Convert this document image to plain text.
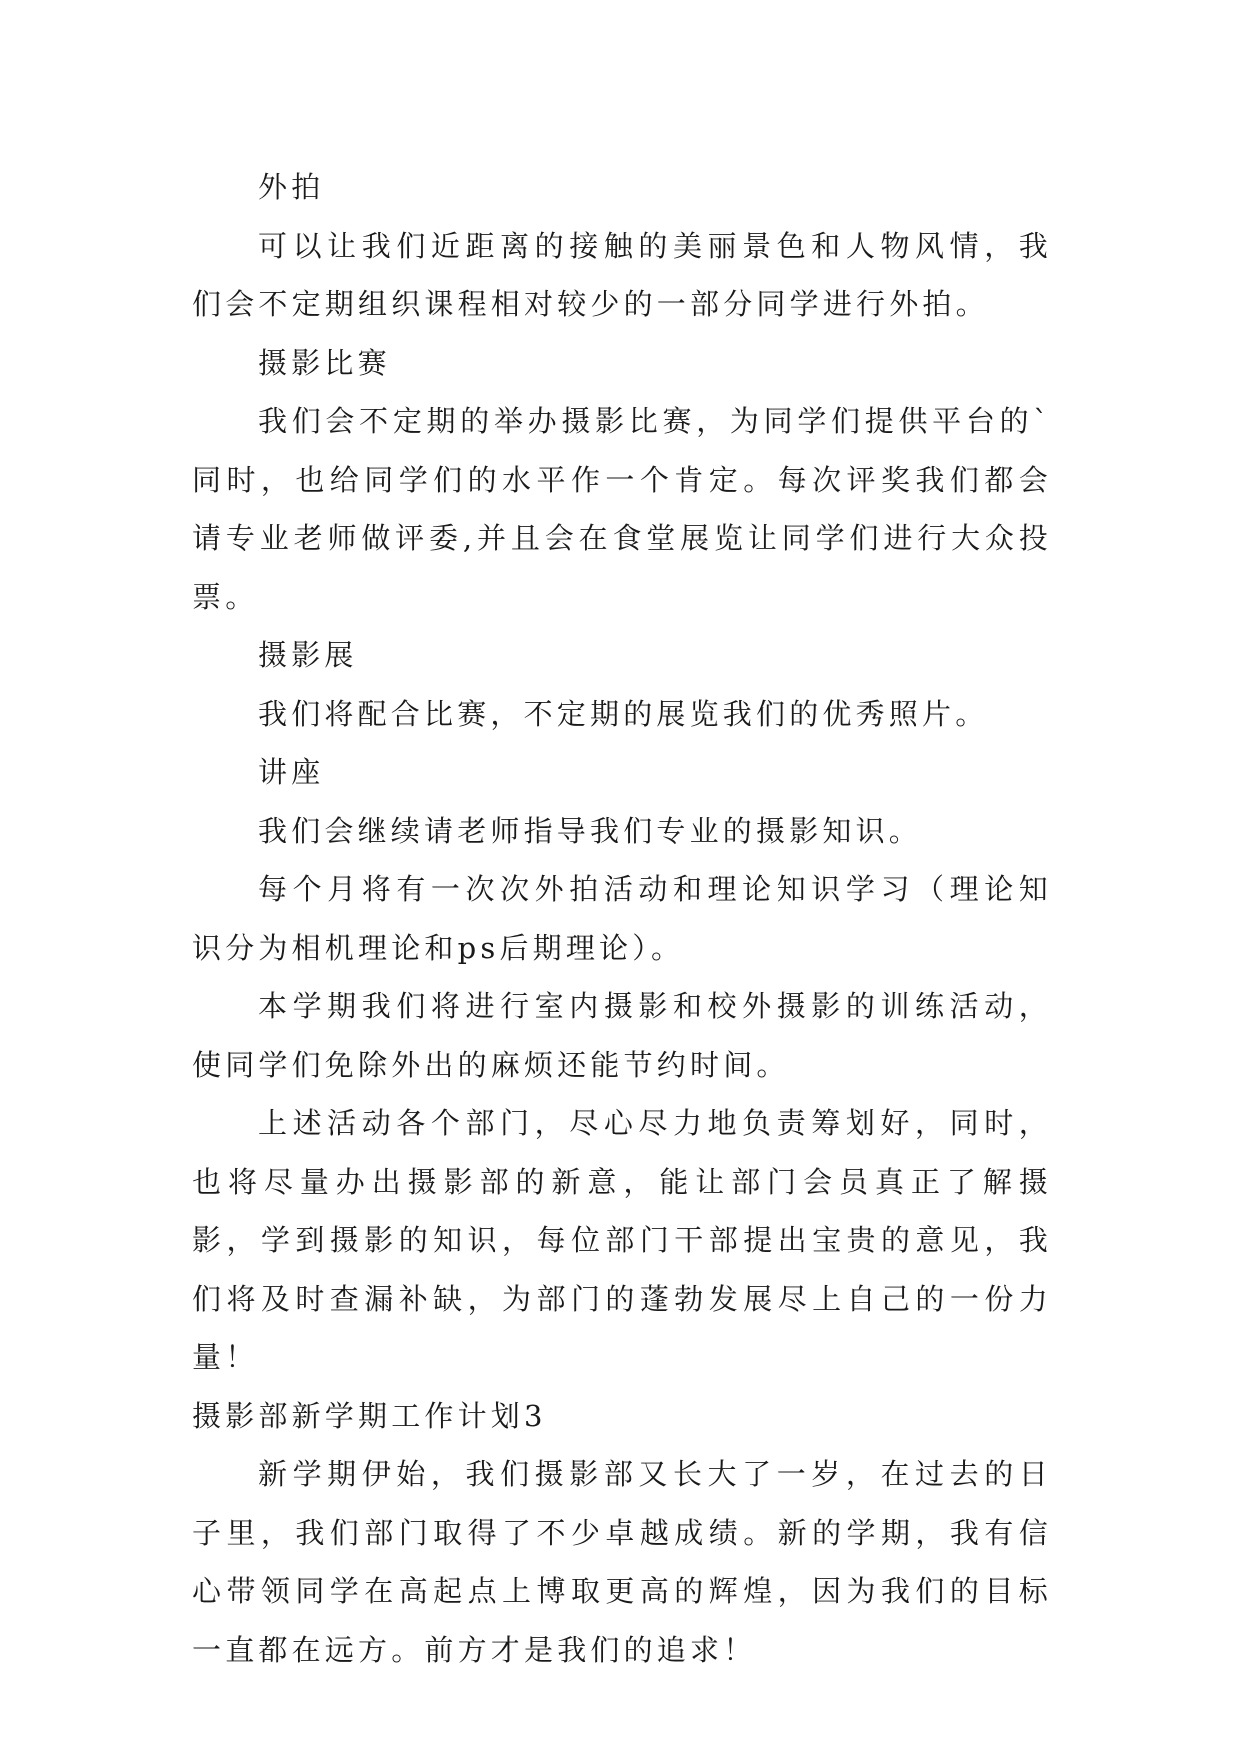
外拍

可以让我们近距离的接触的美丽景色和人物风情，我们会不定期组织课程相对较少的一部分同学进行外拍。

摄影比赛

我们会不定期的举办摄影比赛，为同学们提供平台的`同时，也给同学们的水平作一个肯定。每次评奖我们都会请专业老师做评委,并且会在食堂展览让同学们进行大众投票。

摄影展

我们将配合比赛，不定期的展览我们的优秀照片。

讲座

我们会继续请老师指导我们专业的摄影知识。

每个月将有一次次外拍活动和理论知识学习（理论知识分为相机理论和ps后期理论）。

本学期我们将进行室内摄影和校外摄影的训练活动，使同学们免除外出的麻烦还能节约时间。

上述活动各个部门，尽心尽力地负责筹划好，同时，也将尽量办出摄影部的新意，能让部门会员真正了解摄影，学到摄影的知识，每位部门干部提出宝贵的意见，我们将及时查漏补缺，为部门的蓬勃发展尽上自己的一份力量！

摄影部新学期工作计划3

新学期伊始，我们摄影部又长大了一岁，在过去的日子里，我们部门取得了不少卓越成绩。新的学期，我有信心带领同学在高起点上博取更高的辉煌，因为我们的目标一直都在远方。前方才是我们的追求！
